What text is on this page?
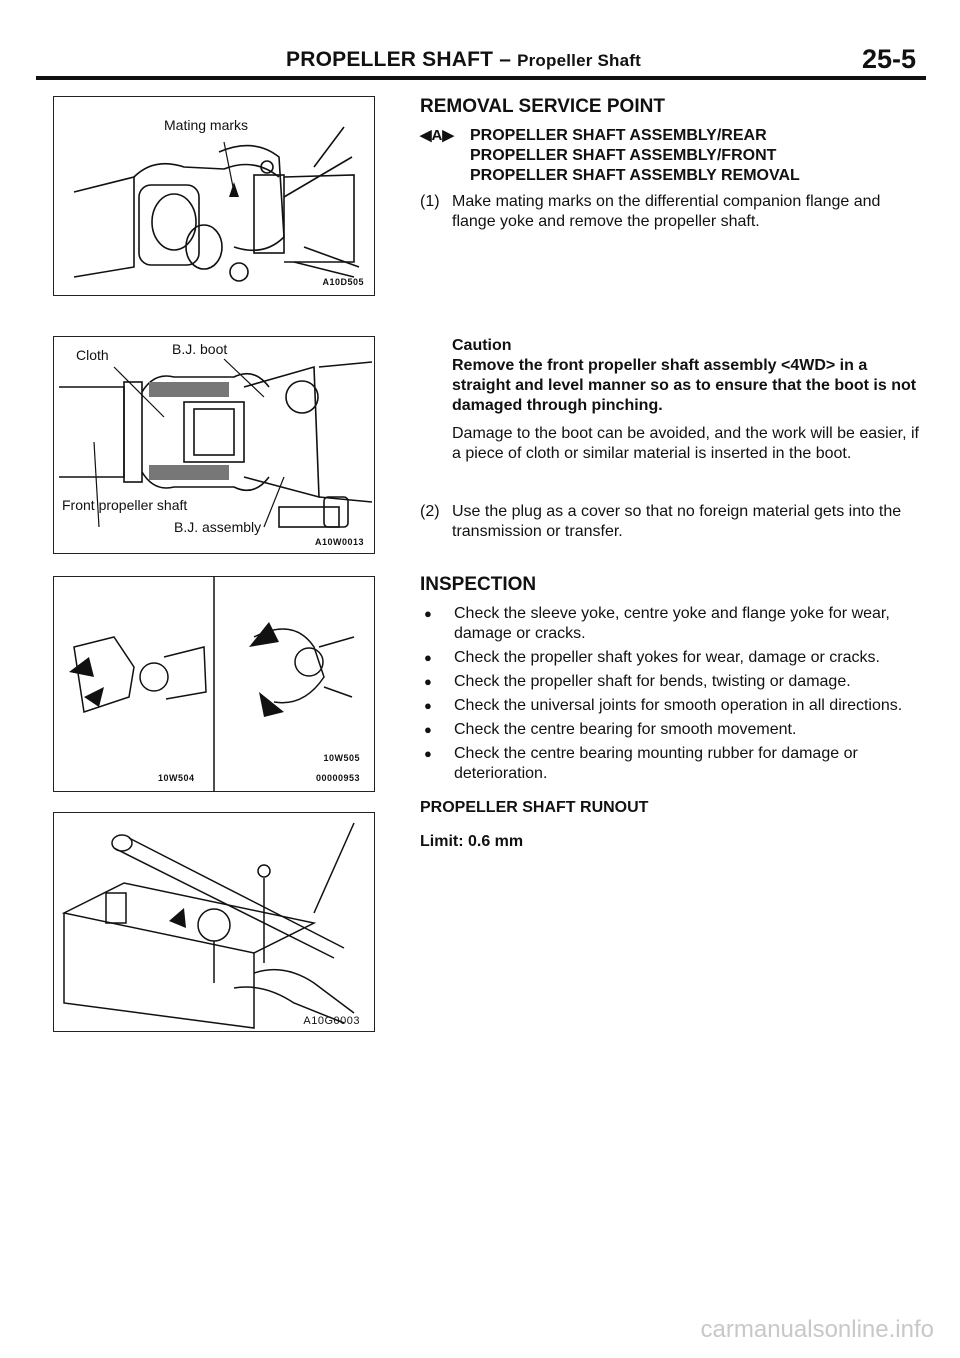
PROPELLER SHAFT – Propeller Shaft	25-5
Mating marks
A10D505
Cloth	B.J. boot
Front propeller shaft
B.J. assembly
A10W0013
10W504
10W505
00000953
A10G0003
REMOVAL SERVICE POINT
◀A▶ PROPELLER SHAFT ASSEMBLY/REAR
PROPELLER SHAFT ASSEMBLY/FRONT
PROPELLER SHAFT ASSEMBLY REMOVAL
(1) Make mating marks on the differential companion flange and flange yoke and remove the propeller shaft.
Caution
Remove the front propeller shaft assembly <4WD> in a straight and level manner so as to ensure that the boot is not damaged through pinching.
Damage to the boot can be avoided, and the work will be easier, if a piece of cloth or similar material is inserted in the boot.
(2) Use the plug as a cover so that no foreign material gets into the transmission or transfer.
INSPECTION
● Check the sleeve yoke, centre yoke and flange yoke for wear, damage or cracks.
● Check the propeller shaft yokes for wear, damage or cracks.
● Check the propeller shaft for bends, twisting or damage.
● Check the universal joints for smooth operation in all directions.
● Check the centre bearing for smooth movement.
● Check the centre bearing mounting rubber for damage or deterioration.
PROPELLER SHAFT RUNOUT
Limit: 0.6 mm
carmanualsonline.info
